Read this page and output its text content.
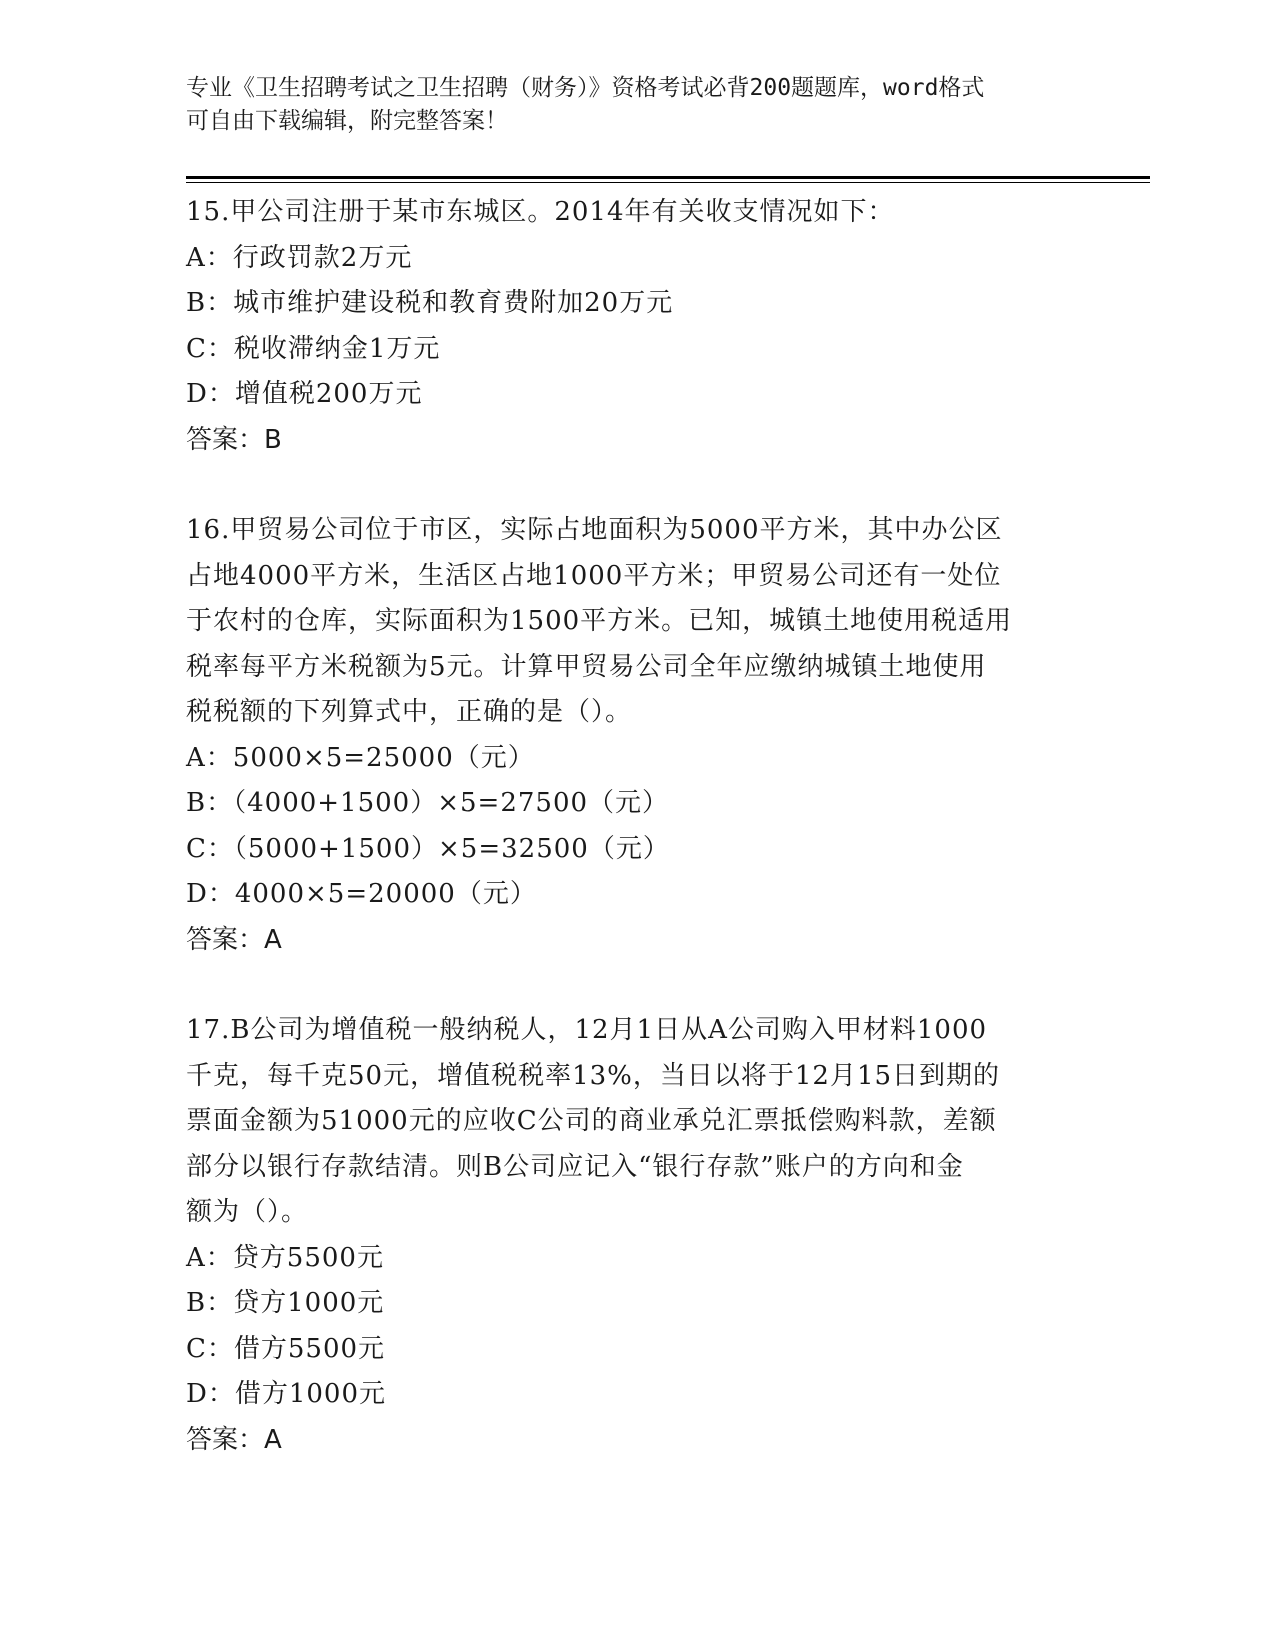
专业《卫生招聘考试之卫生招聘（财务）》资格考试必背200题题库，word格式
可自由下载编辑，附完整答案！
15.甲公司注册于某市东城区。2014年有关收支情况如下：
A：行政罚款2万元
B：城市维护建设税和教育费附加20万元
C：税收滞纳金1万元
D：增值税200万元
答案：B
16.甲贸易公司位于市区，实际占地面积为5000平方米，其中办公区
占地4000平方米，生活区占地1000平方米；甲贸易公司还有一处位
于农村的仓库，实际面积为1500平方米。已知，城镇土地使用税适用
税率每平方米税额为5元。计算甲贸易公司全年应缴纳城镇土地使用
税税额的下列算式中，正确的是（）。
A：5000×5=25000（元）
B：（4000+1500）×5=27500（元）
C：（5000+1500）×5=32500（元）
D：4000×5=20000（元）
答案：A
17.B公司为增值税一般纳税人，12月1日从A公司购入甲材料1000
千克，每千克50元，增值税税率13%，当日以将于12月15日到期的
票面金额为51000元的应收C公司的商业承兑汇票抵偿购料款，差额
部分以银行存款结清。则B公司应记入“银行存款”账户的方向和金
额为（）。
A：贷方5500元
B：贷方1000元
C：借方5500元
D：借方1000元
答案：A
